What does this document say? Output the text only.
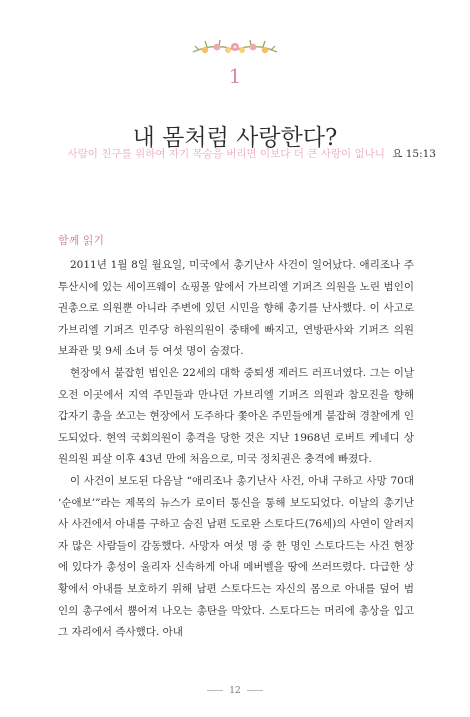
1
내 몸처럼 사랑한다?
사람이 친구를 위하여 자기 목숨을 버리면 이보다 더 큰 사랑이 없나니 요 15:13
함께 읽기

2011년 1월 8일 월요일, 미국에서 총기난사 사건이 일어났다. 애리조나 주 투산시에 있는 세이프웨이 쇼핑몰 앞에서 가브리엘 기퍼즈 의원을 노린 범인이 권총으로 의원뿐 아니라 주변에 있던 시민을 향해 총기를 난사했다. 이 사고로 가브리엘 기퍼즈 민주당 하원의원이 중태에 빠지고, 연방판사와 기퍼즈 의원 보좌관 및 9세 소녀 등 여섯 명이 숨졌다.

현장에서 붙잡힌 범인은 22세의 대학 중퇴생 제러드 러프너였다. 그는 이날 오전 이곳에서 지역 주민들과 만나던 가브리엘 기퍼즈 의원과 참모진을 향해 갑자기 총을 쏘고는 현장에서 도주하다 쫓아온 주민들에게 붙잡혀 경찰에게 인도되었다. 현역 국회의원이 총격을 당한 것은 지난 1968년 로버트 케네디 상원의원 피살 이후 43년 만에 처음으로, 미국 정치권은 충격에 빠졌다.

이 사건이 보도된 다음날 “애리조나 총기난사 사건, 아내 구하고 사망 70대 ‘순애보’”라는 제목의 뉴스가 로이터 통신을 통해 보도되었다. 이날의 총기난사 사건에서 아내를 구하고 숨진 남편 도로완 스토다드(76세)의 사연이 알려지자 많은 사람들이 감동했다. 사망자 여섯 명 중 한 명인 스토다드는 사건 현장에 있다가 총성이 울리자 신속하게 아내 메버벨을 땅에 쓰러뜨렸다. 다급한 상황에서 아내를 보호하기 위해 남편 스토다드는 자신의 몸으로 아내를 덮어 범인의 총구에서 뿜어져 나오는 총탄을 막았다. 스토다드는 머리에 총상을 입고 그 자리에서 즉사했다. 아내

12
